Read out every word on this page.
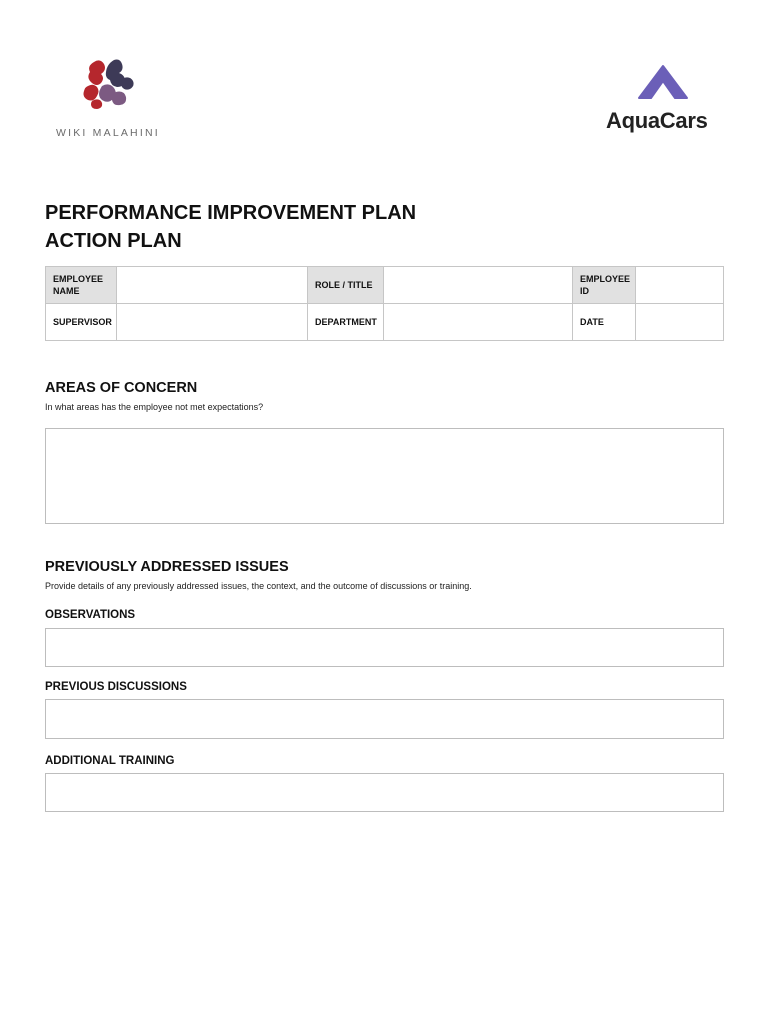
WIKI MALAHINI	AquaCars
PERFORMANCE IMPROVEMENT PLAN
ACTION PLAN
EMPLOYEE NAME		ROLE / TITLE		EMPLOYEE ID	
SUPERVISOR		DEPARTMENT		DATE	
AREAS OF CONCERN
In what areas has the employee not met expectations?
PREVIOUSLY ADDRESSED ISSUES
Provide details of any previously addressed issues, the context, and the outcome of discussions or training.
OBSERVATIONS
PREVIOUS DISCUSSIONS
ADDITIONAL TRAINING
